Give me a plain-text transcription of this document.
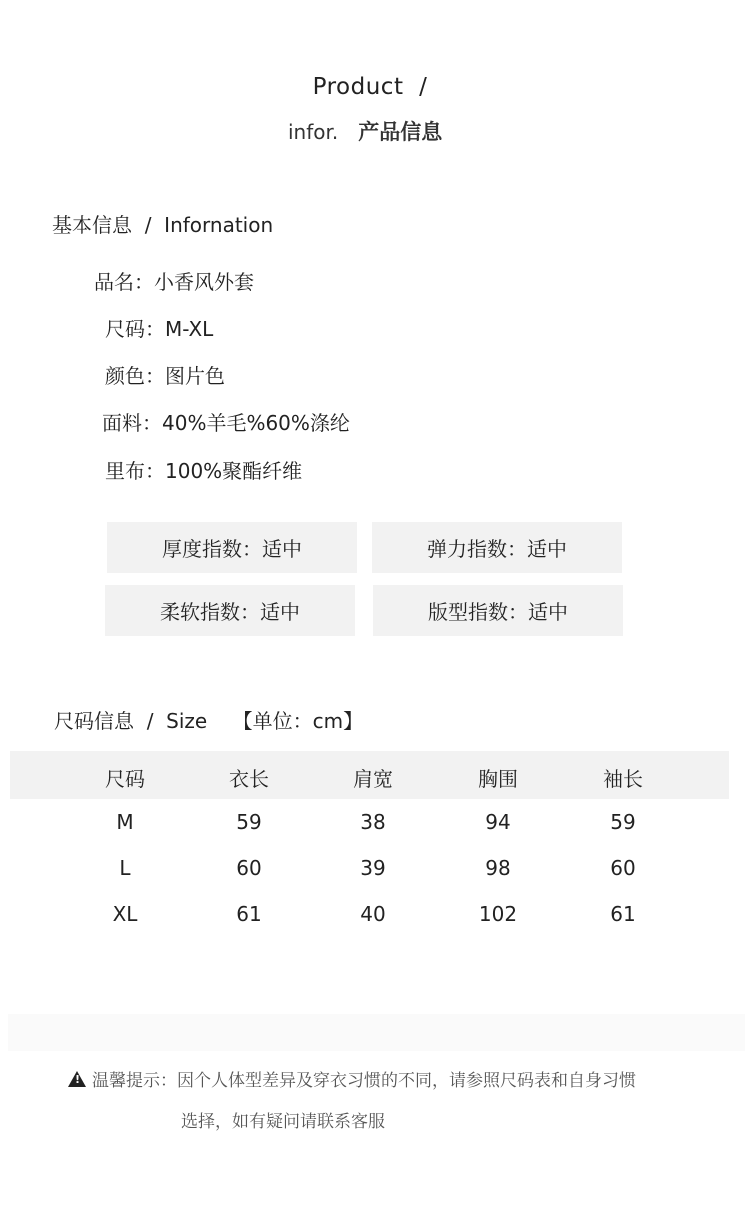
Product  /
infor. 产品信息
基本信息  /  Infornation
品名：小香风外套
尺码：M-XL
颜色：图片色
面料：40%羊毛%60%涤纶
里布：100%聚酯纤维
厚度指数： 适中	弹力指数： 适中
柔软指数： 适中	版型指数： 适中
尺码信息  /  Size    【单位：cm】
尺码	衣长	肩宽	胸围	袖长
M	59	38	94	59
L	60	39	98	60
XL	61	40	102	61
!温馨提示：因个人体型差异及穿衣习惯的不同，请参照尺码表和自身习惯
选择，如有疑问请联系客服
